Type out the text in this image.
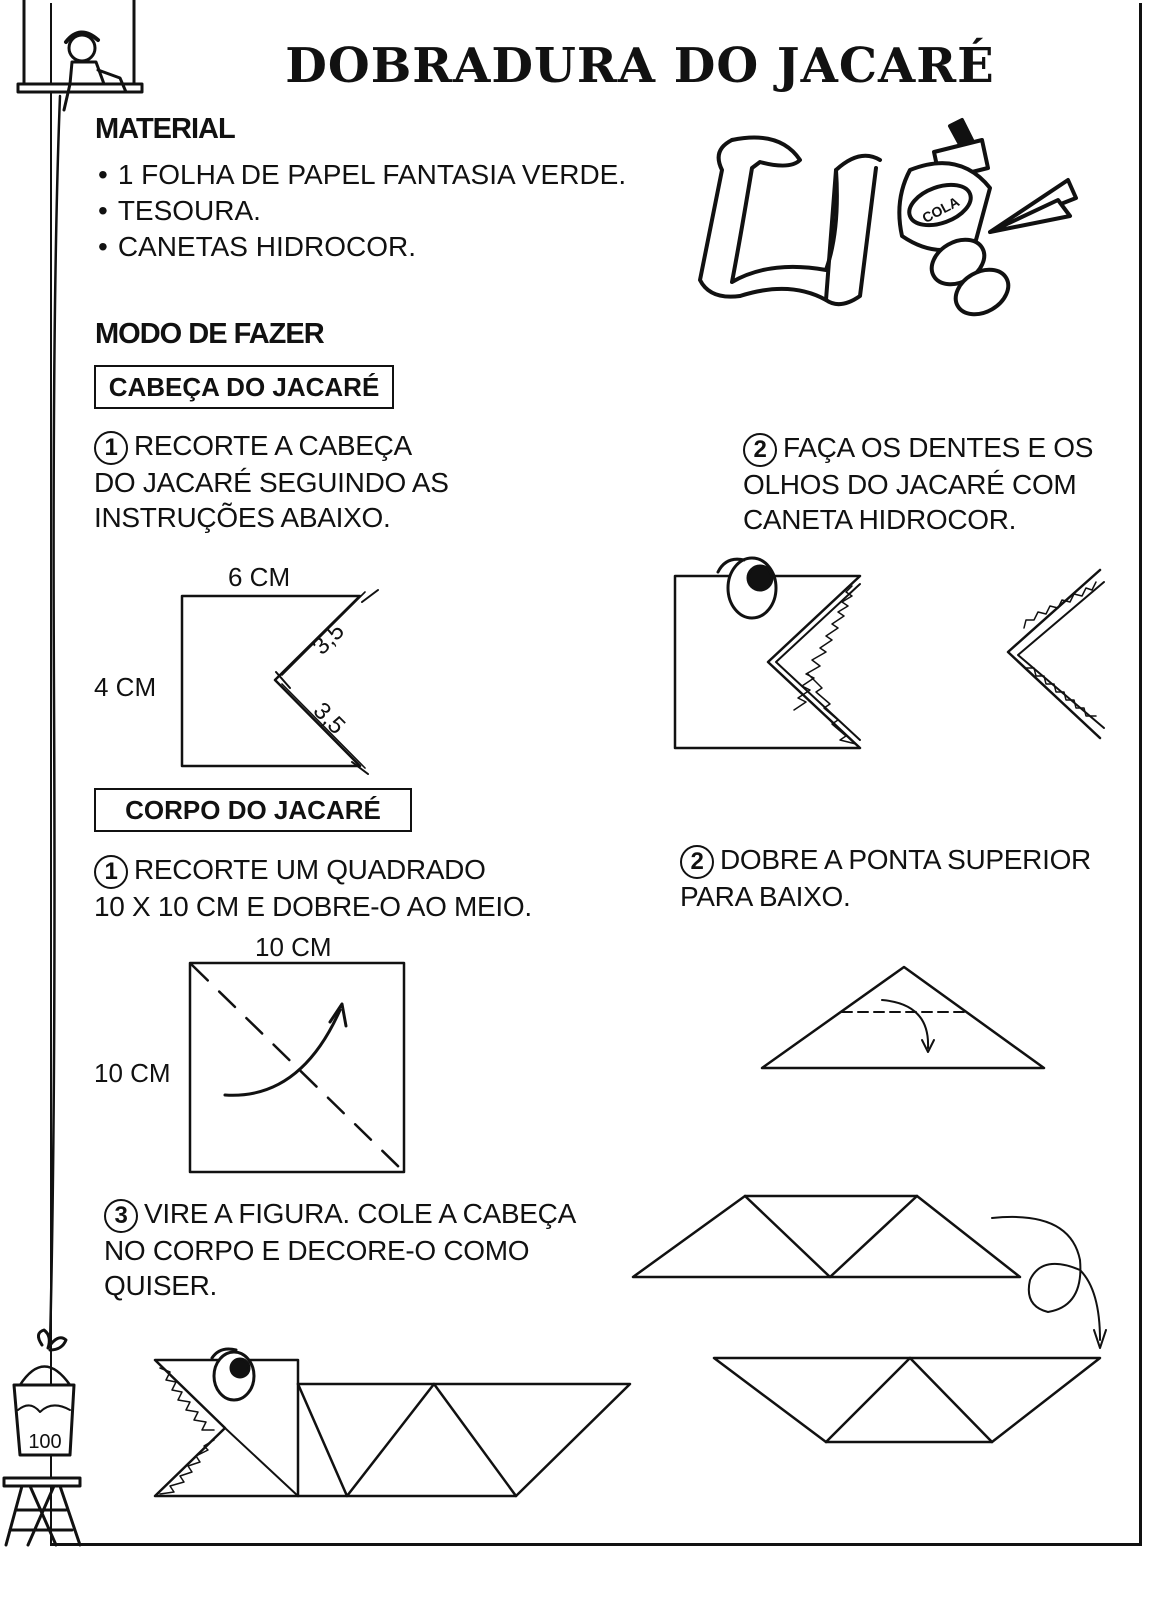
COLA
100
3,5
3,5
DOBRADURA DO JACARÉ
MATERIAL
• 1 FOLHA DE PAPEL FANTASIA VERDE.
• TESOURA.
• CANETAS HIDROCOR.
MODO DE FAZER
CABEÇA DO JACARÉ
1 RECORTE A CABEÇA
DO JACARÉ SEGUINDO AS
INSTRUÇÕES ABAIXO.
2 FAÇA OS DENTES E OS
OLHOS DO JACARÉ COM
CANETA HIDROCOR.
6 CM
4 CM
CORPO DO JACARÉ
1 RECORTE UM QUADRADO
10 X 10 CM E DOBRE-O AO MEIO.
2 DOBRE A PONTA SUPERIOR
PARA BAIXO.
10 CM
10 CM
3 VIRE A FIGURA. COLE A CABEÇA
NO CORPO E DECORE-O COMO
QUISER.
